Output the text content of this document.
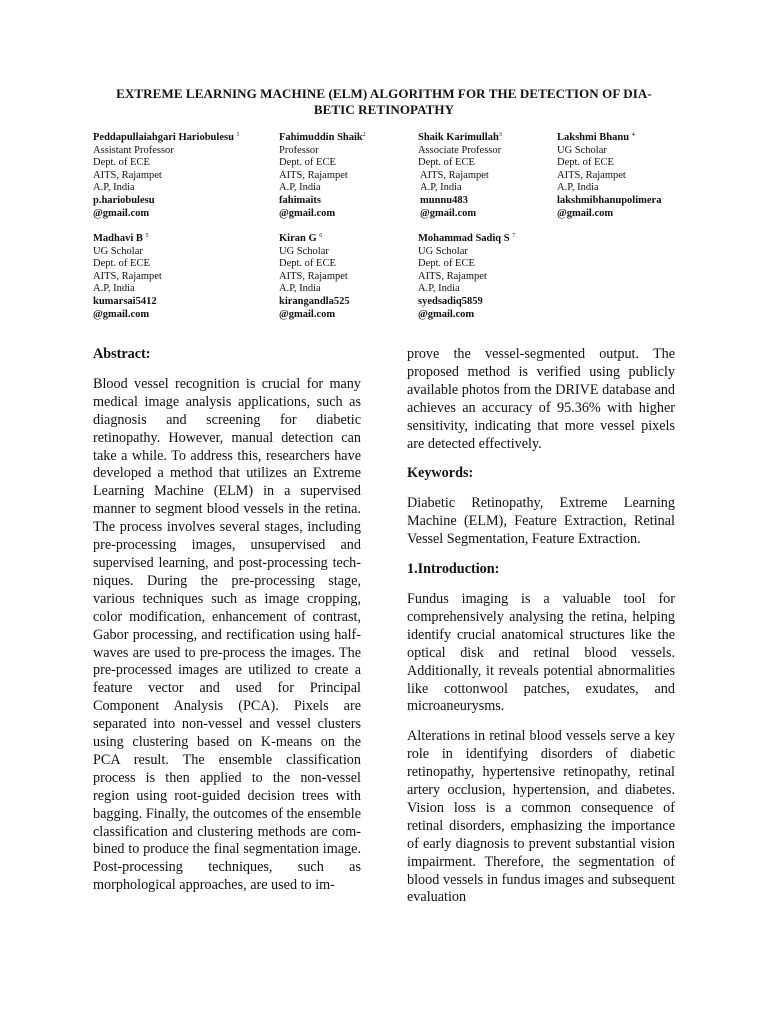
EXTREME LEARNING MACHINE (ELM) ALGORITHM FOR THE DETECTION OF DIA-
BETIC RETINOPATHY
Peddapullaiahgari Hariobulesu $^1$
Assistant Professor
Dept. of ECE
AITS, Rajampet
A.P, India
p.hariobulesu
@gmail.com
Fahimuddin Shaik$^2$
Professor
Dept. of ECE
AITS, Rajampet
A.P, India
fahimaits
@gmail.com
Shaik Karimullah$^3$
Associate Professor
Dept. of ECE
AITS, Rajampet
A.P, India
munnu483
@gmail.com
Lakshmi Bhanu $^4$
UG Scholar
Dept. of ECE
AITS, Rajampet
A.P, India
lakshmibhanupolimera
@gmail.com
Madhavi B $^5$
UG Scholar
Dept. of ECE
AITS, Rajampet
A.P, India
kumarsai5412
@gmail.com
Kiran G $^6$
UG Scholar
Dept. of ECE
AITS, Rajampet
A.P, India
kirangandla525
@gmail.com
Mohammad Sadiq S $^7$
UG Scholar
Dept. of ECE
AITS, Rajampet
A.P, India
syedsadiq5859
@gmail.com
Abstract:

Blood vessel recognition is crucial for many medical image analysis applications, such as diagnosis and screening for diabetic retinopathy. However, manual detection can take a while. To address this, researchers have developed a method that utilizes an Extreme Learning Machine (ELM) in a supervised manner to segment blood vessels in the retina. The process involves several stages, including pre-processing images, unsupervised and supervised learning, and post-processing techniques. During the pre-processing stage, various techniques such as image cropping, color modification, enhancement of contrast, Gabor processing, and rectification using half-waves are used to pre-process the images. The pre-processed images are utilized to create a feature vector and used for Principal Component Analysis (PCA). Pixels are separated into non-vessel and vessel clusters using clustering based on K-means on the PCA result. The ensemble classification process is then applied to the non-vessel region using root-guided decision trees with bagging. Finally, the outcomes of the ensemble classification and clustering methods are combined to produce the final segmentation image. Post-processing techniques, such as morphological approaches, are used to im-

prove the vessel-segmented output. The proposed method is verified using publicly available photos from the DRIVE database and achieves an accuracy of 95.36% with higher sensitivity, indicating that more vessel pixels are detected effectively.

Keywords:

Diabetic Retinopathy, Extreme Learning Machine (ELM), Feature Extraction, Retinal Vessel Segmentation, Feature Extraction.

1.Introduction:

Fundus imaging is a valuable tool for comprehensively analysing the retina, helping identify crucial anatomical structures like the optical disk and retinal blood vessels. Additionally, it reveals potential abnormalities like cottonwool patches, exudates, and microaneurysms.

Alterations in retinal blood vessels serve a key role in identifying disorders of diabetic retinopathy, hypertensive retinopathy, retinal artery occlusion, hypertension, and diabetes. Vision loss is a common consequence of retinal disorders, emphasizing the importance of early diagnosis to prevent substantial vision impairment. Therefore, the segmentation of blood vessels in fundus images and subsequent evaluation
